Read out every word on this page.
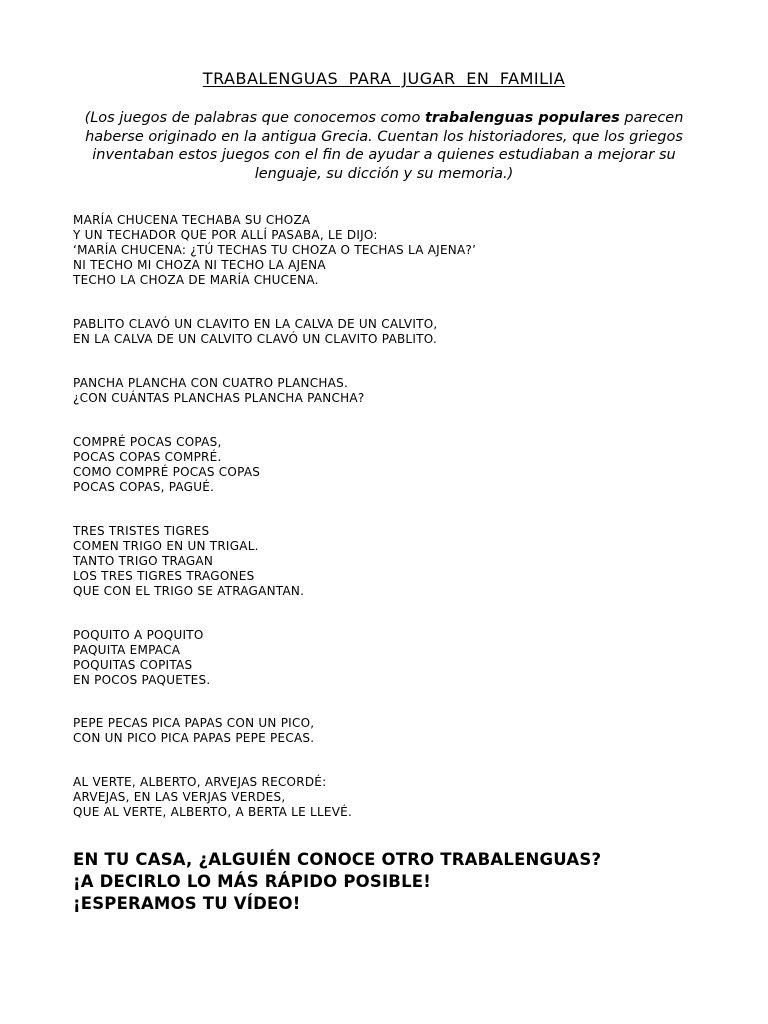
TRABALENGUAS PARA JUGAR EN FAMILIA
(Los juegos de palabras que conocemos como trabalenguas populares parecen haberse originado en la antigua Grecia. Cuentan los historiadores, que los griegos inventaban estos juegos con el fin de ayudar a quienes estudiaban a mejorar su lenguaje, su dicción y su memoria.)
MARÍA CHUCENA TECHABA SU CHOZA
Y UN TECHADOR QUE POR ALLÍ PASABA, LE DIJO:
‘MARÍA CHUCENA: ¿TÚ TECHAS TU CHOZA O TECHAS LA AJENA?’
NI TECHO MI CHOZA NI TECHO LA AJENA
TECHO LA CHOZA DE MARÍA CHUCENA.
PABLITO CLAVÓ UN CLAVITO EN LA CALVA DE UN CALVITO,
EN LA CALVA DE UN CALVITO CLAVÓ UN CLAVITO PABLITO.
PANCHA PLANCHA CON CUATRO PLANCHAS.
¿CON CUÁNTAS PLANCHAS PLANCHA PANCHA?
COMPRÉ POCAS COPAS,
POCAS COPAS COMPRÉ.
COMO COMPRÉ POCAS COPAS
POCAS COPAS, PAGUÉ.
TRES TRISTES TIGRES
COMEN TRIGO EN UN TRIGAL.
TANTO TRIGO TRAGAN
LOS TRES TIGRES TRAGONES
QUE CON EL TRIGO SE ATRAGANTAN.
POQUITO A POQUITO
PAQUITA EMPACA
POQUITAS COPITAS
EN POCOS PAQUETES.
PEPE PECAS PICA PAPAS CON UN PICO,
CON UN PICO PICA PAPAS PEPE PECAS.
AL VERTE, ALBERTO, ARVEJAS RECORDÉ:
ARVEJAS, EN LAS VERJAS VERDES,
QUE AL VERTE, ALBERTO, A BERTA LE LLEVÉ.
EN TU CASA, ¿ALGUIÉN CONOCE OTRO TRABALENGUAS?
¡A DECIRLO LO MÁS RÁPIDO POSIBLE!
¡ESPERAMOS TU VÍDEO!
